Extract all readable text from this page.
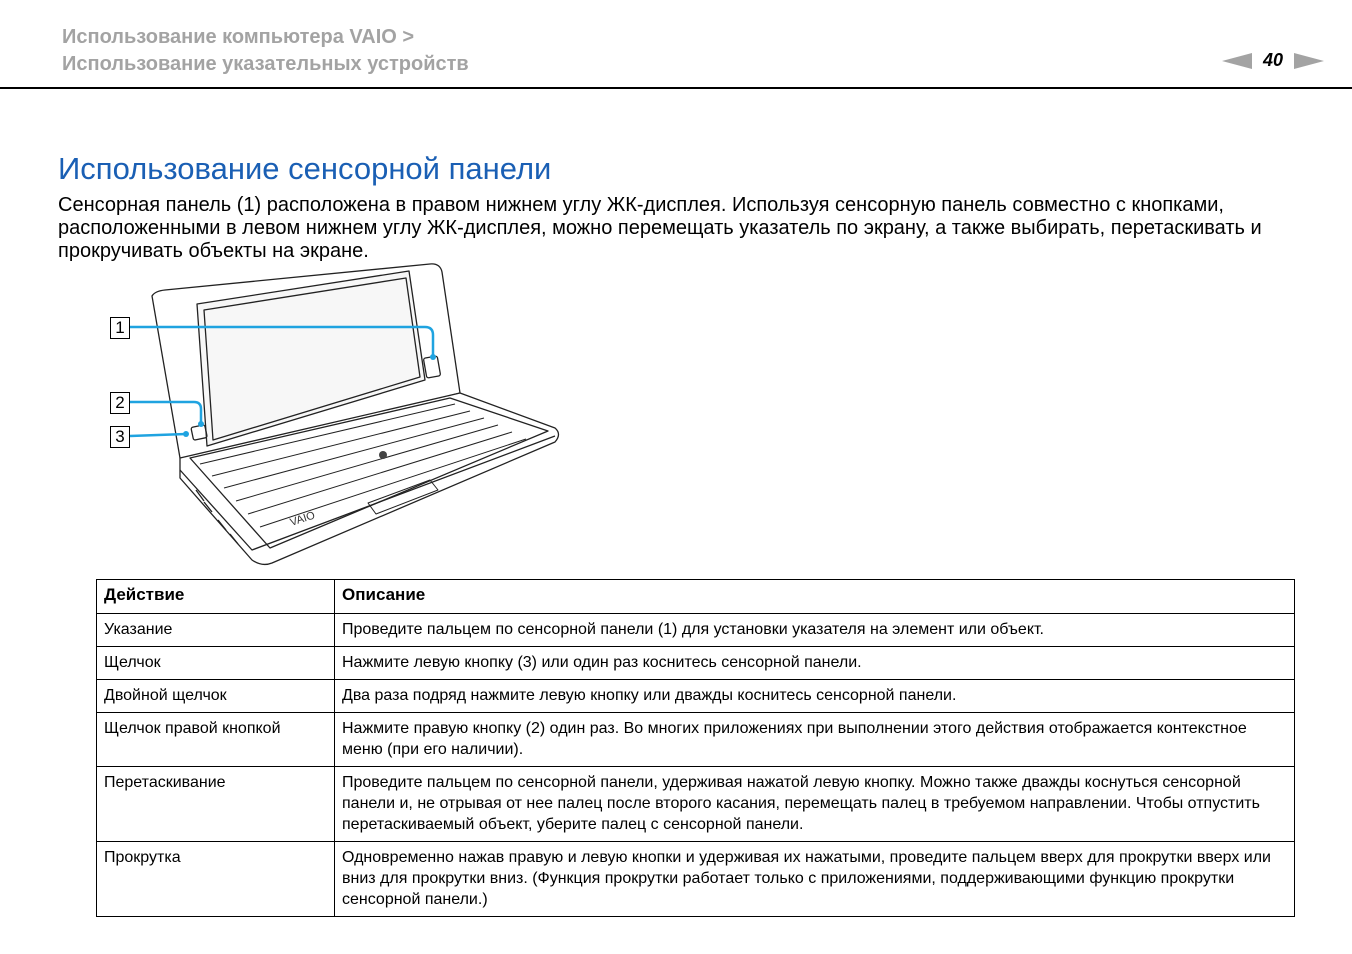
Использование компьютера VAIO >
Использование указательных устройств	40
Использование сенсорной панели

Сенсорная панель (1) расположена в правом нижнем углу ЖК-дисплея. Используя сенсорную панель совместно с кнопками, расположенными в левом нижнем углу ЖК-дисплея, можно перемещать указатель по экрану, а также выбирать, перетаскивать и прокручивать объекты на экране.

VAIO
1
2
3
Действие	Описание
Указание	Проведите пальцем по сенсорной панели (1) для установки указателя на элемент или объект.
Щелчок	Нажмите левую кнопку (3) или один раз коснитесь сенсорной панели.
Двойной щелчок	Два раза подряд нажмите левую кнопку или дважды коснитесь сенсорной панели.
Щелчок правой кнопкой	Нажмите правую кнопку (2) один раз. Во многих приложениях при выполнении этого действия отображается контекстное меню (при его наличии).
Перетаскивание	Проведите пальцем по сенсорной панели, удерживая нажатой левую кнопку. Можно также дважды коснуться сенсорной панели и, не отрывая от нее палец после второго касания, перемещать палец в требуемом направлении. Чтобы отпустить перетаскиваемый объект, уберите палец с сенсорной панели.
Прокрутка	Одновременно нажав правую и левую кнопки и удерживая их нажатыми, проведите пальцем вверх для прокрутки вверх или вниз для прокрутки вниз. (Функция прокрутки работает только с приложениями, поддерживающими функцию прокрутки сенсорной панели.)
